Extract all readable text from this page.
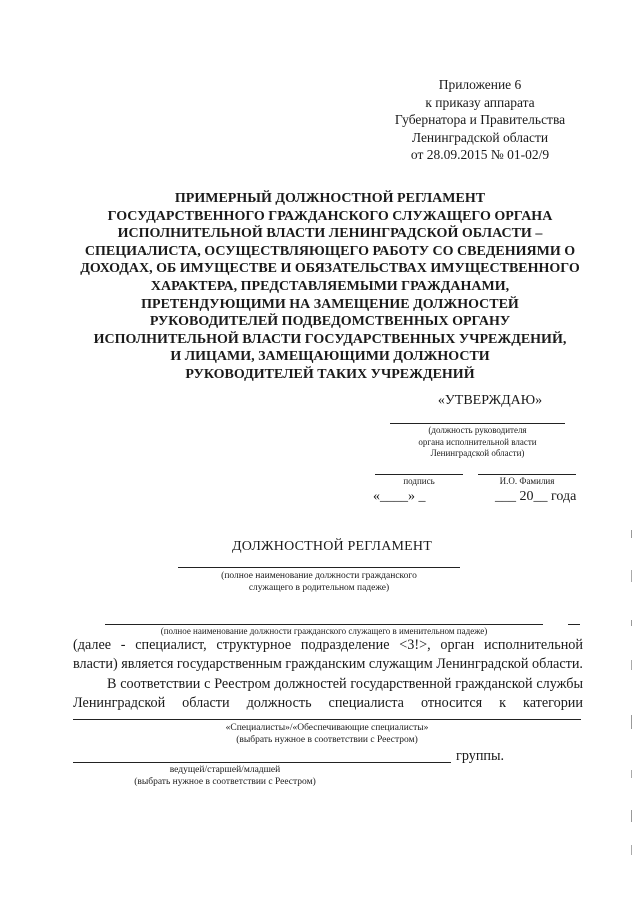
Приложение 6
к приказу аппарата
Губернатора и Правительства
Ленинградской области
от 28.09.2015 № 01-02/9
ПРИМЕРНЫЙ ДОЛЖНОСТНОЙ РЕГЛАМЕНТ
ГОСУДАРСТВЕННОГО ГРАЖДАНСКОГО СЛУЖАЩЕГО ОРГАНА
ИСПОЛНИТЕЛЬНОЙ ВЛАСТИ ЛЕНИНГРАДСКОЙ ОБЛАСТИ –
СПЕЦИАЛИСТА, ОСУЩЕСТВЛЯЮЩЕГО РАБОТУ СО СВЕДЕНИЯМИ О
ДОХОДАХ, ОБ ИМУЩЕСТВЕ И ОБЯЗАТЕЛЬСТВАХ ИМУЩЕСТВЕННОГО
ХАРАКТЕРА, ПРЕДСТАВЛЯЕМЫМИ ГРАЖДАНАМИ,
ПРЕТЕНДУЮЩИМИ НА ЗАМЕЩЕНИЕ ДОЛЖНОСТЕЙ
РУКОВОДИТЕЛЕЙ ПОДВЕДОМСТВЕННЫХ ОРГАНУ
ИСПОЛНИТЕЛЬНОЙ ВЛАСТИ ГОСУДАРСТВЕННЫХ УЧРЕЖДЕНИЙ,
И ЛИЦАМИ, ЗАМЕЩАЮЩИМИ ДОЛЖНОСТИ
РУКОВОДИТЕЛЕЙ ТАКИХ УЧРЕЖДЕНИЙ
«УТВЕРЖДАЮ»
(должность руководителя
органа исполнительной власти
Ленинградской области)
подпись	И.О. Фамилия
«____» _	___ 20__ года
ДОЛЖНОСТНОЙ РЕГЛАМЕНТ
(полное наименование должности гражданского
служащего в родительном падеже)
(полное наименование должности гражданского служащего в именительном падеже)
(далее - специалист, структурное подразделение <3!>, орган исполнительной
власти) является государственным гражданским служащим Ленинградской области.
В соответствии с Реестром должностей государственной гражданской службы
Ленинградской области должность специалиста относится к категории
«Специалисты»/«Обеспечивающие специалисты»
(выбрать нужное в соответствии с Реестром)
группы.
ведущей/старшей/младшей
(выбрать нужное в соответствии с Реестром)
